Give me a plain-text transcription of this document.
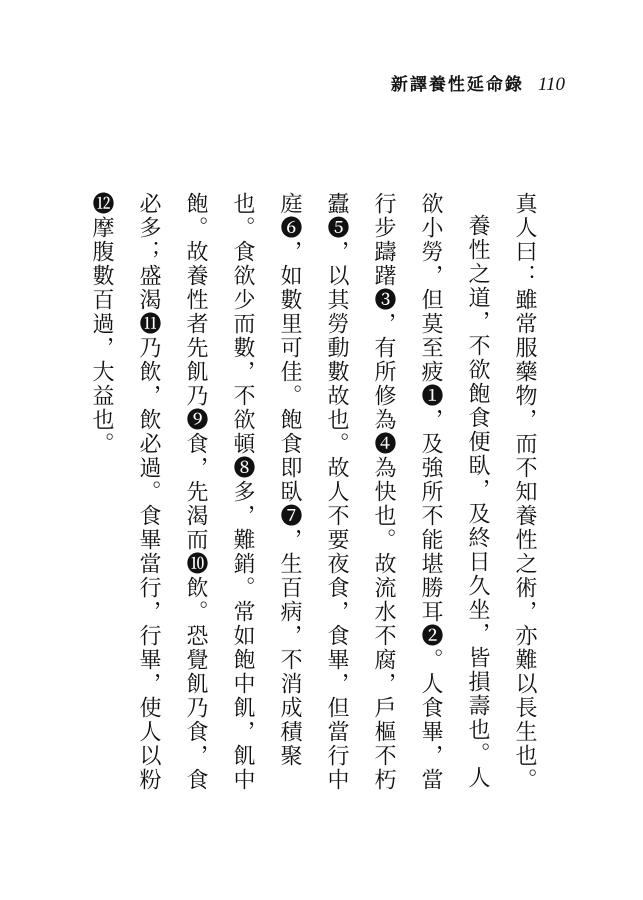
新譯養性延命錄 110

真人曰：雖常服藥物，而不知養性之術，亦難以長生也。

養性之道，不欲飽食便臥，及終日久坐，皆損壽也。人欲小勞，但莫至疲❶，及強所不能堪勝耳❷。人食畢，當行步躊躇❸，有所修為❹為快也。故流水不腐，戶樞不朽蠹❺，以其勞動數故也。故人不要夜食，食畢，但當行中庭❻，如數里可佳。飽食即臥❼，生百病，不消成積聚也。食欲少而數，不欲頓❽多，難銷。常如飽中飢，飢中飽。故養性者先飢乃❾食，先渴而❿飲。恐覺飢乃食，食必多；盛渴⓫乃飲，飲必過。食畢當行，行畢，使人以粉⓬摩腹數百過，大益也。
